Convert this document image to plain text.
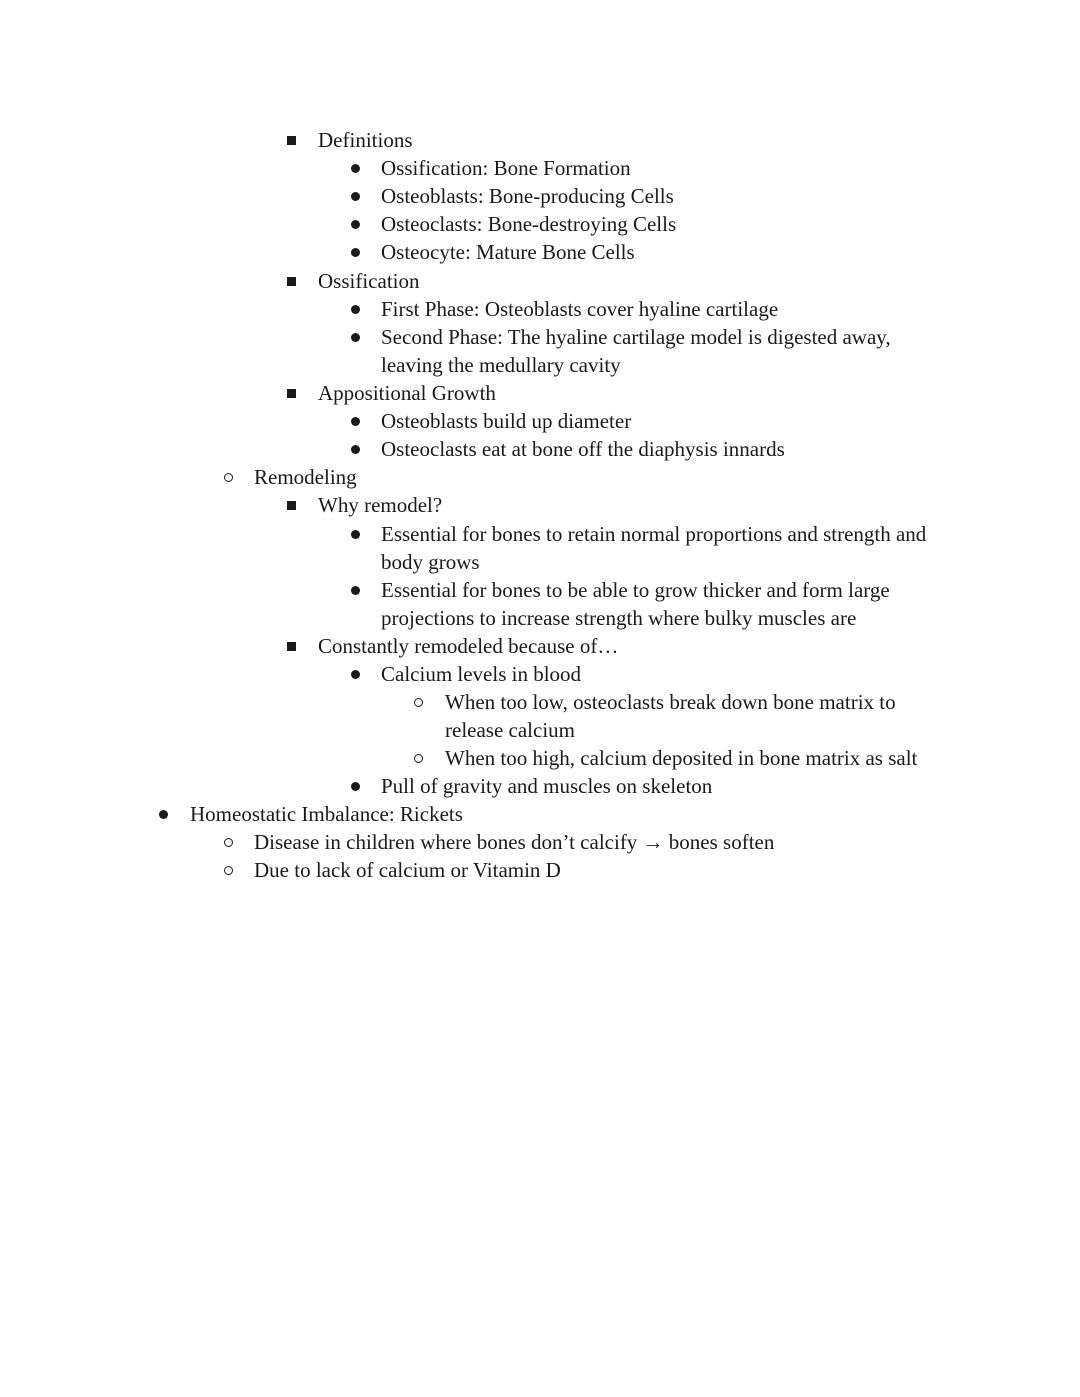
Definitions
Ossification: Bone Formation
Osteoblasts: Bone-producing Cells
Osteoclasts: Bone-destroying Cells
Osteocyte: Mature Bone Cells
Ossification
First Phase: Osteoblasts cover hyaline cartilage
Second Phase: The hyaline cartilage model is digested away,
leaving the medullary cavity
Appositional Growth
Osteoblasts build up diameter
Osteoclasts eat at bone off the diaphysis innards
Remodeling
Why remodel?
Essential for bones to retain normal proportions and strength and
body grows
Essential for bones to be able to grow thicker and form large
projections to increase strength where bulky muscles are
Constantly remodeled because of…
Calcium levels in blood
When too low, osteoclasts break down bone matrix to
release calcium
When too high, calcium deposited in bone matrix as salt
Pull of gravity and muscles on skeleton
Homeostatic Imbalance: Rickets
Disease in children where bones don’t calcify → bones soften
Due to lack of calcium or Vitamin D
